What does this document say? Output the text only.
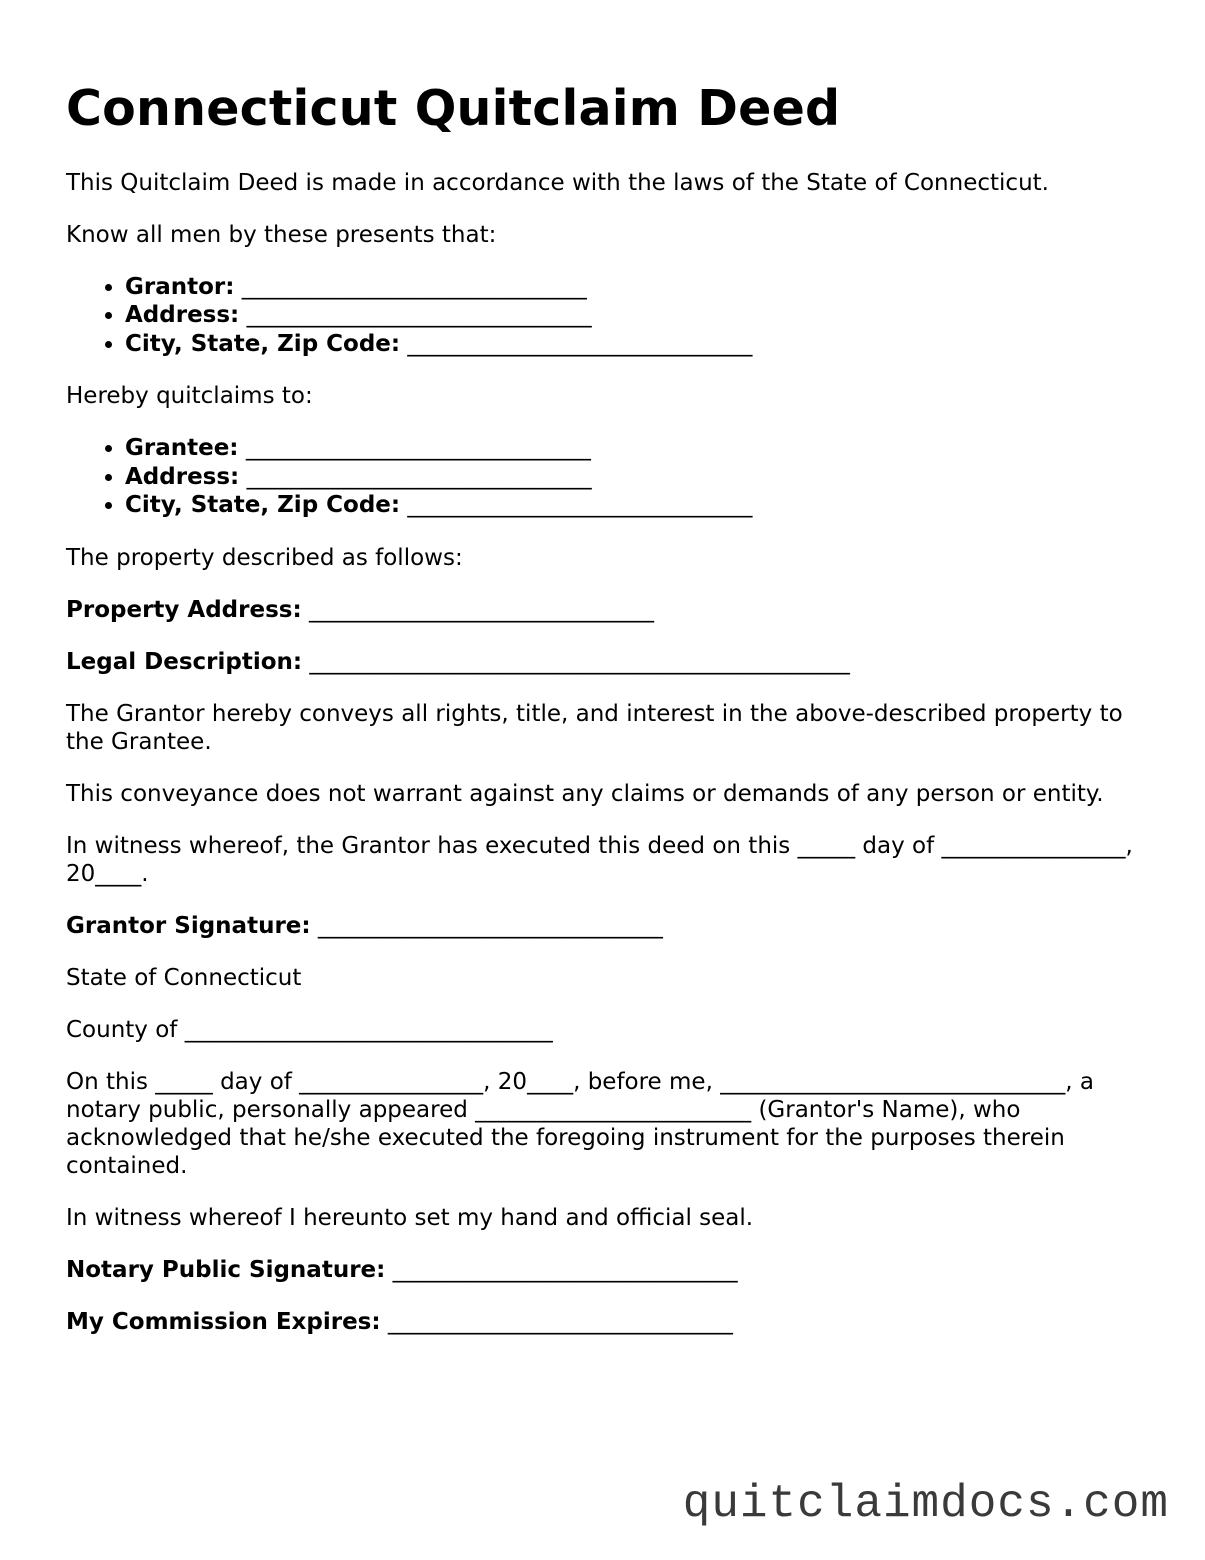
Connecticut Quitclaim Deed

This Quitclaim Deed is made in accordance with the laws of the State of Connecticut.

Know all men by these presents that:

• Grantor: ______________________________
• Address: ______________________________
• City, State, Zip Code: ______________________________

Hereby quitclaims to:

• Grantee: ______________________________
• Address: ______________________________
• City, State, Zip Code: ______________________________

The property described as follows:

Property Address: ______________________________

Legal Description: _______________________________________________

The Grantor hereby conveys all rights, title, and interest in the above-described property to the Grantee.

This conveyance does not warrant against any claims or demands of any person or entity.

In witness whereof, the Grantor has executed this deed on this _____ day of ________________, 20____.

Grantor Signature: ______________________________

State of Connecticut

County of ________________________________

On this _____ day of ________________, 20____, before me, ______________________________, a notary public, personally appeared ________________________ (Grantor's Name), who acknowledged that he/she executed the foregoing instrument for the purposes therein contained.

In witness whereof I hereunto set my hand and official seal.

Notary Public Signature: ______________________________

My Commission Expires: ______________________________

quitclaimdocs.com
